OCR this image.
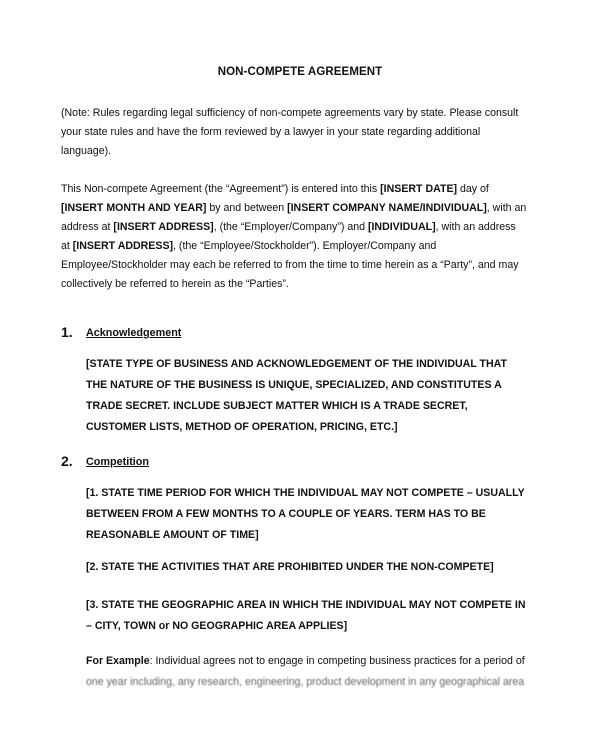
NON-COMPETE AGREEMENT
(Note: Rules regarding legal sufficiency of non-compete agreements vary by state. Please consult
your state rules and have the form reviewed by a lawyer in your state regarding additional
language).
This Non-compete Agreement (the “Agreement”) is entered into this [INSERT DATE] day of
[INSERT MONTH AND YEAR] by and between [INSERT COMPANY NAME/INDIVIDUAL], with an
address at [INSERT ADDRESS], (the “Employer/Company”) and [INDIVIDUAL], with an address
at [INSERT ADDRESS], (the “Employee/Stockholder”). Employer/Company and
Employee/Stockholder may each be referred to from the time to time herein as a “Party”, and may
collectively be referred to herein as the “Parties”.
1. Acknowledgement
[STATE TYPE OF BUSINESS AND ACKNOWLEDGEMENT OF THE INDIVIDUAL THAT
THE NATURE OF THE BUSINESS IS UNIQUE, SPECIALIZED, AND CONSTITUTES A
TRADE SECRET. INCLUDE SUBJECT MATTER WHICH IS A TRADE SECRET,
CUSTOMER LISTS, METHOD OF OPERATION, PRICING, ETC.]
2. Competition
[1. STATE TIME PERIOD FOR WHICH THE INDIVIDUAL MAY NOT COMPETE – USUALLY
BETWEEN FROM A FEW MONTHS TO A COUPLE OF YEARS. TERM HAS TO BE
REASONABLE AMOUNT OF TIME]
[2. STATE THE ACTIVITIES THAT ARE PROHIBITED UNDER THE NON-COMPETE]
[3. STATE THE GEOGRAPHIC AREA IN WHICH THE INDIVIDUAL MAY NOT COMPETE IN
– CITY, TOWN or NO GEOGRAPHIC AREA APPLIES]
For Example: Individual agrees not to engage in competing business practices for a period of
one year including, any research, engineering, product development in any geographical area
